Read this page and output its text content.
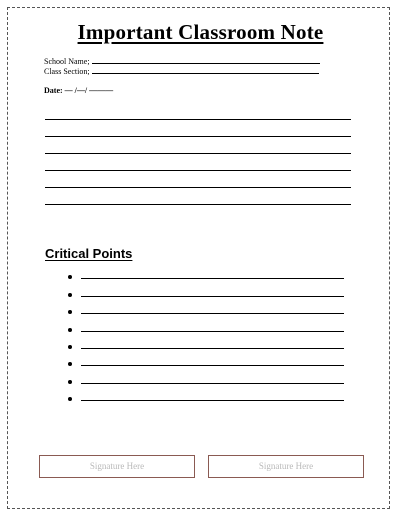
Important Classroom Note
School Name;
Class Section;
Date: — /—/ ———
Critical Points
Signature Here	Signature Here
